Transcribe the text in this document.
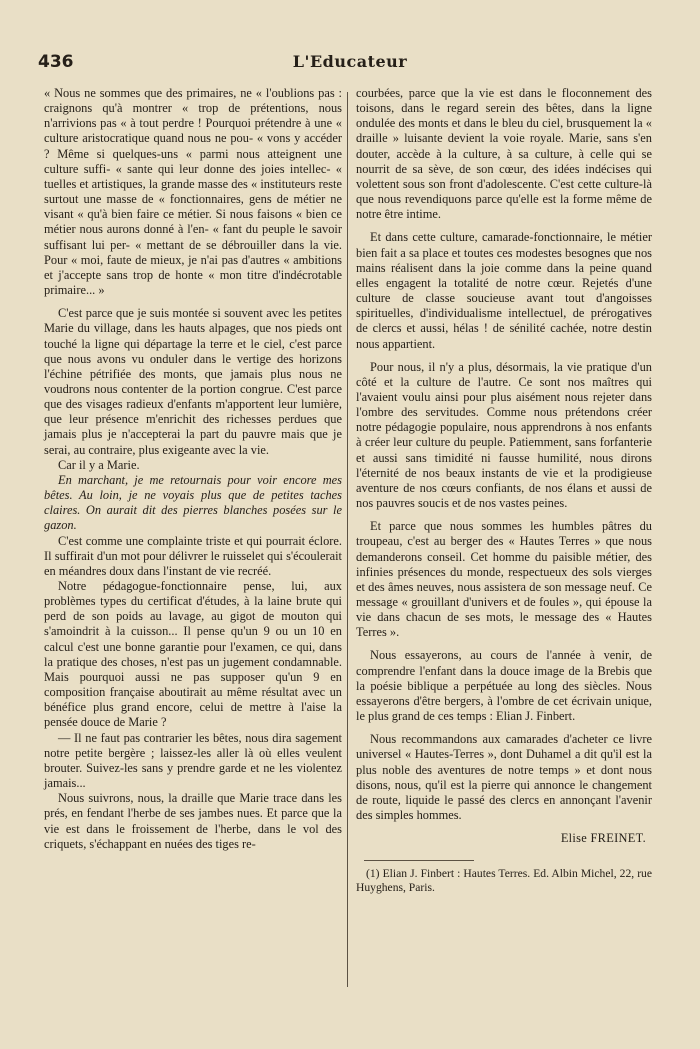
436	L'Educateur

« Nous ne sommes que des primaires, ne « l'oublions pas : craignons qu'à montrer « trop de prétentions, nous n'arrivions pas « à tout perdre ! Pourquoi prétendre à une « culture aristocratique quand nous ne pou- « vons y accéder ? Même si quelques-uns « parmi nous atteignent une culture suffi- « sante qui leur donne des joies intellec- « tuelles et artistiques, la grande masse des « instituteurs reste surtout une masse de « fonctionnaires, gens de métier ne visant « qu'à bien faire ce métier. Si nous faisons « bien ce métier nous aurons donné à l'en- « fant du peuple le savoir suffisant lui per- « mettant de se débrouiller dans la vie. Pour « moi, faute de mieux, je n'ai pas d'autres « ambitions et j'accepte sans trop de honte « mon titre d'indécrotable primaire... »

C'est parce que je suis montée si souvent avec les petites Marie du village, dans les hauts alpages, que nos pieds ont touché la ligne qui départage la terre et le ciel, c'est parce que nous avons vu onduler dans le vertige des horizons l'échine pétrifiée des monts, que jamais plus nous ne voudrons nous contenter de la portion congrue. C'est parce que des visages radieux d'enfants m'apportent leur lumière, que leur présence m'enrichit des richesses perdues que jamais plus je n'accepterai la part du pauvre mais que je serai, au contraire, plus exigeante avec la vie.

Car il y a Marie.

En marchant, je me retournais pour voir encore mes bêtes. Au loin, je ne voyais plus que de petites taches claires. On aurait dit des pierres blanches posées sur le gazon.

C'est comme une complainte triste et qui pourrait éclore. Il suffirait d'un mot pour délivrer le ruisselet qui s'écoulerait en méandres doux dans l'instant de vie recréé.

Notre pédagogue-fonctionnaire pense, lui, aux problèmes types du certificat d'études, à la laine brute qui perd de son poids au lavage, au gigot de mouton qui s'amoindrit à la cuisson... Il pense qu'un 9 ou un 10 en calcul c'est une bonne garantie pour l'examen, ce qui, dans la pratique des choses, n'est pas un jugement condamnable. Mais pourquoi aussi ne pas supposer qu'un 9 en composition française aboutirait au même résultat avec un bénéfice plus grand encore, celui de mettre à l'aise la pensée douce de Marie ?

— Il ne faut pas contrarier les bêtes, nous dira sagement notre petite bergère ; laissez-les aller là où elles veulent brouter. Suivez-les sans y prendre garde et ne les violentez jamais...

Nous suivrons, nous, la draille que Marie trace dans les prés, en fendant l'herbe de ses jambes nues. Et parce que la vie est dans le froissement de l'herbe, dans le vol des criquets, s'échappant en nuées des tiges re-

courbées, parce que la vie est dans le floconnement des toisons, dans le regard serein des bêtes, dans la ligne ondulée des monts et dans le bleu du ciel, brusquement la « draille » luisante devient la voie royale. Marie, sans s'en douter, accède à la culture, à sa culture, à celle qui se nourrit de sa sève, de son cœur, des idées indécises qui volettent sous son front d'adolescente. C'est cette culture-là que nous revendiquons parce qu'elle est la forme même de notre être intime.

Et dans cette culture, camarade-fonctionnaire, le métier bien fait a sa place et toutes ces modestes besognes que nos mains réalisent dans la joie comme dans la peine quand elles engagent la totalité de notre cœur. Rejetés d'une culture de classe soucieuse avant tout d'angoisses spirituelles, d'individualisme intellectuel, de prérogatives de clercs et aussi, hélas ! de sénilité cachée, notre destin nous appartient.

Pour nous, il n'y a plus, désormais, la vie pratique d'un côté et la culture de l'autre. Ce sont nos maîtres qui l'avaient voulu ainsi pour plus aisément nous rejeter dans l'ombre des servitudes. Comme nous prétendons créer notre pédagogie populaire, nous apprendrons à nos enfants à créer leur culture du peuple. Patiemment, sans forfanterie et aussi sans timidité ni fausse humilité, nous dirons l'éternité de nos beaux instants de vie et la prodigieuse aventure de nos cœurs confiants, de nos élans et aussi de nos pauvres soucis et de nos vastes peines.

Et parce que nous sommes les humbles pâtres du troupeau, c'est au berger des « Hautes Terres » que nous demanderons conseil. Cet homme du paisible métier, des infinies présences du monde, respectueux des sols vierges et des âmes neuves, nous assistera de son message neuf. Ce message « grouillant d'univers et de foules », qui épouse la vie dans chacun de ses mots, le message des « Hautes Terres ».

Nous essayerons, au cours de l'année à venir, de comprendre l'enfant dans la douce image de la Brebis que la poésie biblique a perpétuée au long des siècles. Nous essayerons d'être bergers, à l'ombre de cet écrivain unique, le plus grand de ces temps : Elian J. Finbert.

Nous recommandons aux camarades d'acheter ce livre universel « Hautes-Terres », dont Duhamel a dit qu'il est la plus noble des aventures de notre temps » et dont nous disons, nous, qu'il est la pierre qui annonce le changement de route, liquide le passé des clercs en annonçant l'avenir des simples hommes.

Elise FREINET.

(1) Elian J. Finbert : Hautes Terres. Ed. Albin Michel, 22, rue Huyghens, Paris.
